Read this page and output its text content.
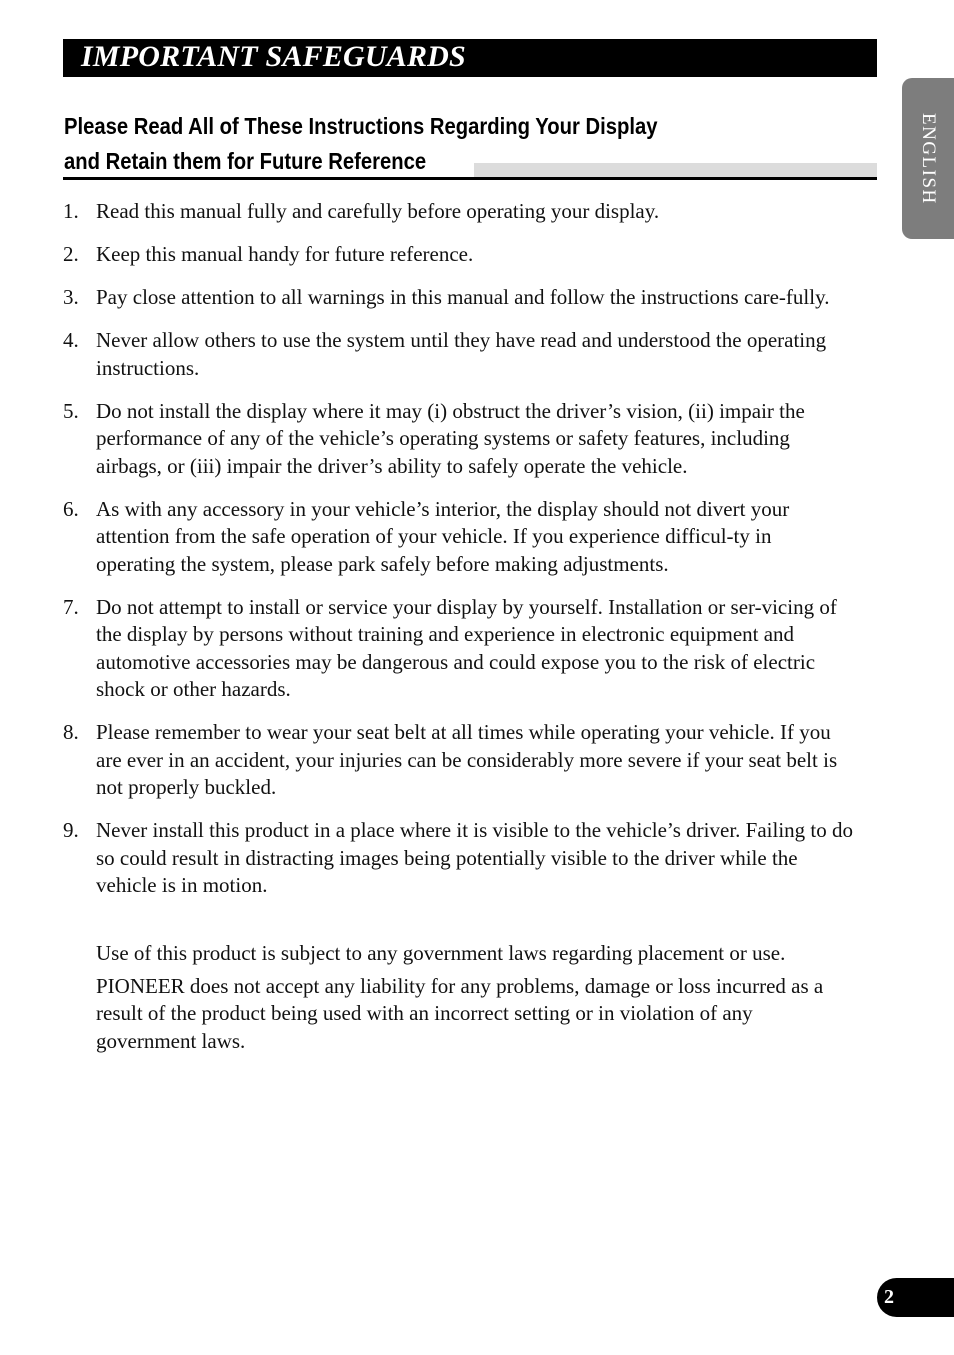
IMPORTANT SAFEGUARDS
ENGLISH
Please Read All of These Instructions Regarding Your Display
and Retain them for Future Reference
1. Read this manual fully and carefully before operating your display.
2. Keep this manual handy for future reference.
3. Pay close attention to all warnings in this manual and follow the instructions care-fully.
4. Never allow others to use the system until they have read and understood the operating instructions.
5. Do not install the display where it may (i) obstruct the driver’s vision, (ii) impair the performance of any of the vehicle’s operating systems or safety features, including airbags, or (iii) impair the driver’s ability to safely operate the vehicle.
6. As with any accessory in your vehicle’s interior, the display should not divert your attention from the safe operation of your vehicle. If you experience difficul-ty in operating the system, please park safely before making adjustments.
7. Do not attempt to install or service your display by yourself. Installation or ser-vicing of the display by persons without training and experience in electronic equipment and automotive accessories may be dangerous and could expose you to the risk of electric shock or other hazards.
8. Please remember to wear your seat belt at all times while operating your vehicle. If you are ever in an accident, your injuries can be considerably more severe if your seat belt is not properly buckled.
9. Never install this product in a place where it is visible to the vehicle’s driver. Failing to do so could result in distracting images being potentially visible to the driver while the vehicle is in motion.

Use of this product is subject to any government laws regarding placement or use.

PIONEER does not accept any liability for any problems, damage or loss incurred as a result of the product being used with an incorrect setting or in violation of any government laws.

2
